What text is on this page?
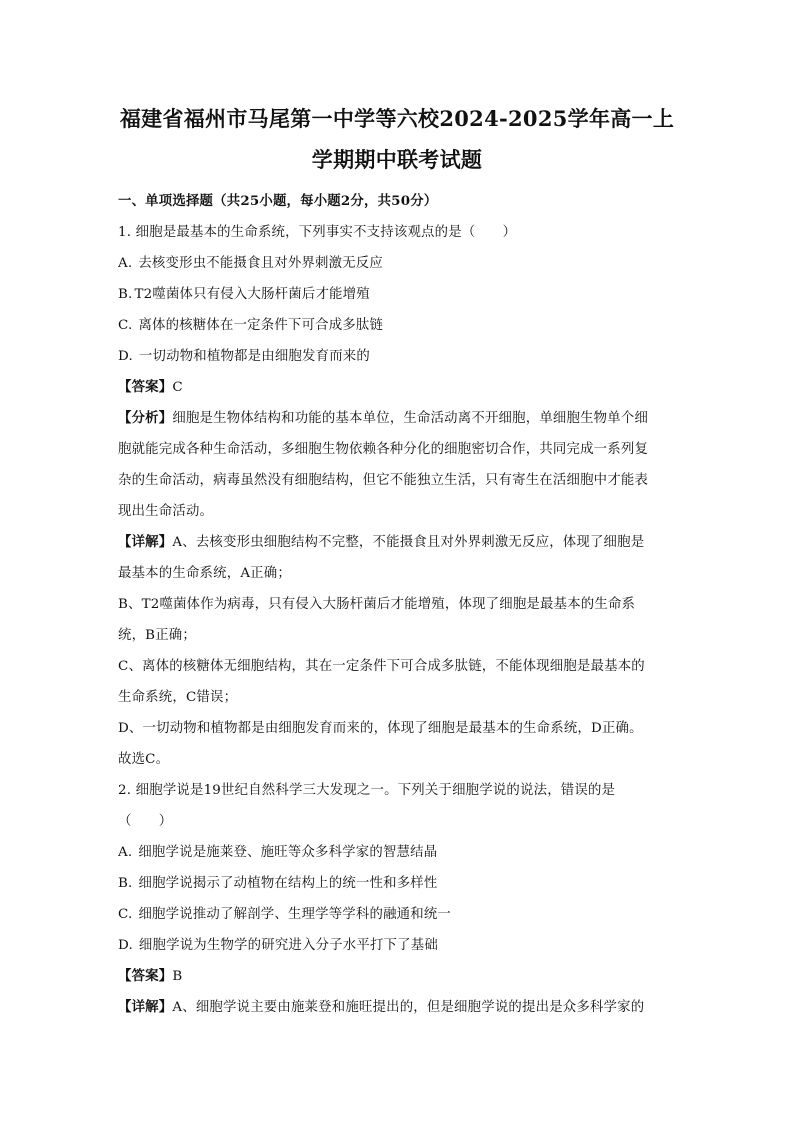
福建省福州市马尾第一中学等六校2024-2025学年高一上
学期期中联考试题
一、单项选择题（共25小题，每小题2分，共50分）
1. 细胞是最基本的生命系统，下列事实不支持该观点的是（　　）
A. 去核变形虫不能摄食且对外界刺激无反应
B. T2噬菌体只有侵入大肠杆菌后才能增殖
C. 离体的核糖体在一定条件下可合成多肽链
D. 一切动物和植物都是由细胞发育而来的
【答案】C
【分析】细胞是生物体结构和功能的基本单位，生命活动离不开细胞，单细胞生物单个细
胞就能完成各种生命活动，多细胞生物依赖各种分化的细胞密切合作，共同完成一系列复
杂的生命活动，病毒虽然没有细胞结构，但它不能独立生活，只有寄生在活细胞中才能表
现出生命活动。
【详解】A、去核变形虫细胞结构不完整，不能摄食且对外界刺激无反应，体现了细胞是
最基本的生命系统，A正确；
B、T2噬菌体作为病毒，只有侵入大肠杆菌后才能增殖，体现了细胞是最基本的生命系
统，B正确；
C、离体的核糖体无细胞结构，其在一定条件下可合成多肽链，不能体现细胞是最基本的
生命系统，C错误；
D、一切动物和植物都是由细胞发育而来的，体现了细胞是最基本的生命系统，D正确。
故选C。
2. 细胞学说是19世纪自然科学三大发现之一。下列关于细胞学说的说法，错误的是
（　　）
A. 细胞学说是施莱登、施旺等众多科学家的智慧结晶
B. 细胞学说揭示了动植物在结构上的统一性和多样性
C. 细胞学说推动了解剖学、生理学等学科的融通和统一
D. 细胞学说为生物学的研究进入分子水平打下了基础
【答案】B
【详解】A、细胞学说主要由施莱登和施旺提出的，但是细胞学说的提出是众多科学家的
